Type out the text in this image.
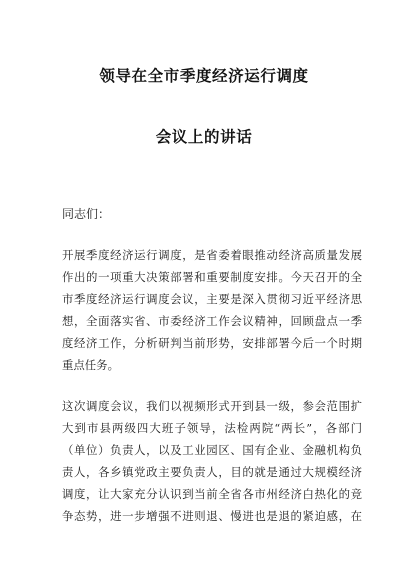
领导在全市季度经济运行调度
会议上的讲话
同志们：
开展季度经济运行调度，是省委着眼推动经济高质量发展
作出的一项重大决策部署和重要制度安排。今天召开的全
市季度经济运行调度会议，主要是深入贯彻习近平经济思
想，全面落实省、市委经济工作会议精神，回顾盘点一季
度经济工作，分析研判当前形势，安排部署今后一个时期
重点任务。
这次调度会议，我们以视频形式开到县一级，参会范围扩
大到市县两级四大班子领导，法检两院“两长”，各部门
（单位）负责人，以及工业园区、国有企业、金融机构负
责人，各乡镇党政主要负责人，目的就是通过大规模经济
调度，让大家充分认识到当前全省各市州经济白热化的竞
争态势，进一步增强不进则退、慢进也是退的紧迫感，在
